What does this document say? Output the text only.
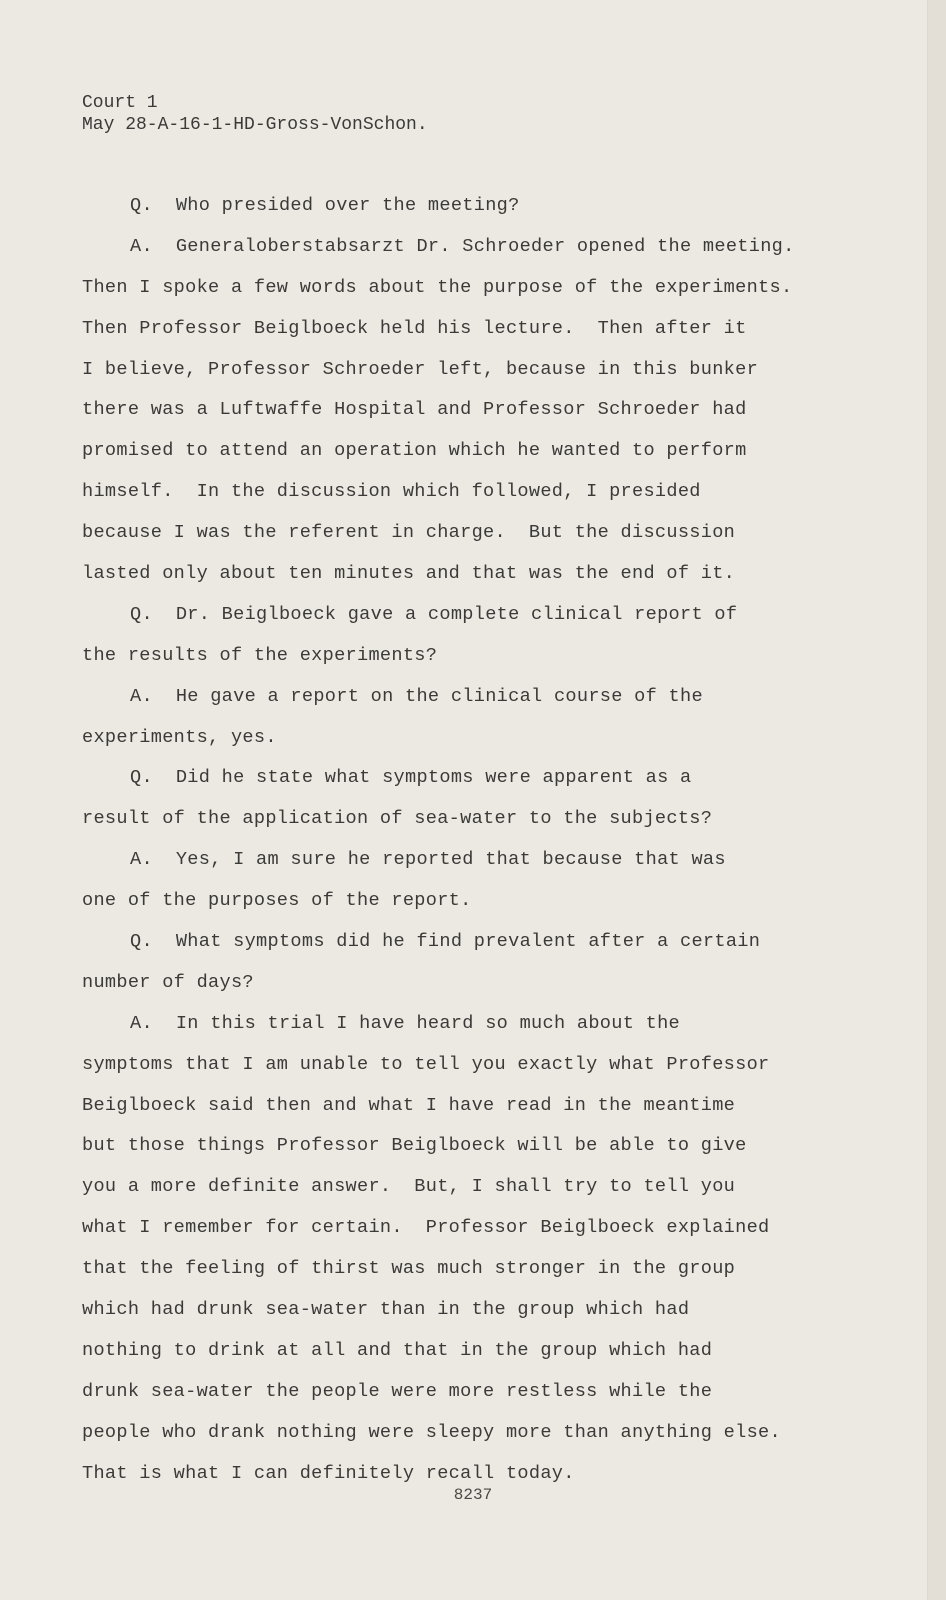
Court 1
May 28-A-16-1-HD-Gross-VonSchon.
Q.  Who presided over the meeting?
A.  Generaloberstabsarzt Dr. Schroeder opened the meeting.
Then I spoke a few words about the purpose of the experiments.
Then Professor Beiglboeck held his lecture.  Then after it
I believe, Professor Schroeder left, because in this bunker
there was a Luftwaffe Hospital and Professor Schroeder had
promised to attend an operation which he wanted to perform
himself.  In the discussion which followed, I presided
because I was the referent in charge.  But the discussion
lasted only about ten minutes and that was the end of it.
Q.  Dr. Beiglboeck gave a complete clinical report of
the results of the experiments?
A.  He gave a report on the clinical course of the
experiments, yes.
Q.  Did he state what symptoms were apparent as a
result of the application of sea-water to the subjects?
A.  Yes, I am sure he reported that because that was
one of the purposes of the report.
Q.  What symptoms did he find prevalent after a certain
number of days?
A.  In this trial I have heard so much about the
symptoms that I am unable to tell you exactly what Professor
Beiglboeck said then and what I have read in the meantime
but those things Professor Beiglboeck will be able to give
you a more definite answer.  But, I shall try to tell you
what I remember for certain.  Professor Beiglboeck explained
that the feeling of thirst was much stronger in the group
which had drunk sea-water than in the group which had
nothing to drink at all and that in the group which had
drunk sea-water the people were more restless while the
people who drank nothing were sleepy more than anything else.
That is what I can definitely recall today.
8237
